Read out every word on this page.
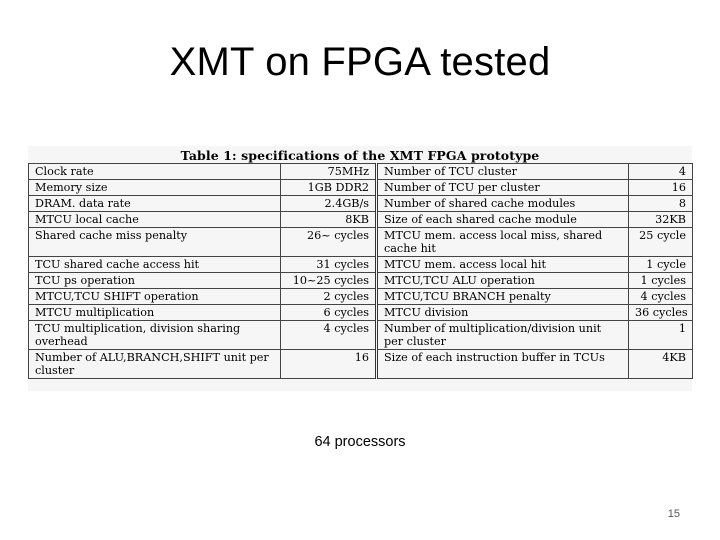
XMT on FPGA tested
Table 1: specifications of the XMT FPGA prototype
Clock rate	75MHz	Number of TCU cluster	4
Memory size	1GB DDR2	Number of TCU per cluster	16
DRAM. data rate	2.4GB/s	Number of shared cache modules	8
MTCU local cache	8KB	Size of each shared cache module	32KB
Shared cache miss penalty	26~ cycles	MTCU mem. access local miss, shared cache hit	25 cycle
TCU shared cache access hit	31 cycles	MTCU mem. access local hit	1 cycle
TCU ps operation	10~25 cycles	MTCU,TCU ALU operation	1 cycles
MTCU,TCU SHIFT operation	2 cycles	MTCU,TCU BRANCH penalty	4 cycles
MTCU multiplication	6 cycles	MTCU division	36 cycles
TCU multiplication, division sharing overhead	4 cycles	Number of multiplication/division unit per cluster	1
Number of ALU,BRANCH,SHIFT unit per cluster	16	Size of each instruction buffer in TCUs	4KB
64 processors
15
